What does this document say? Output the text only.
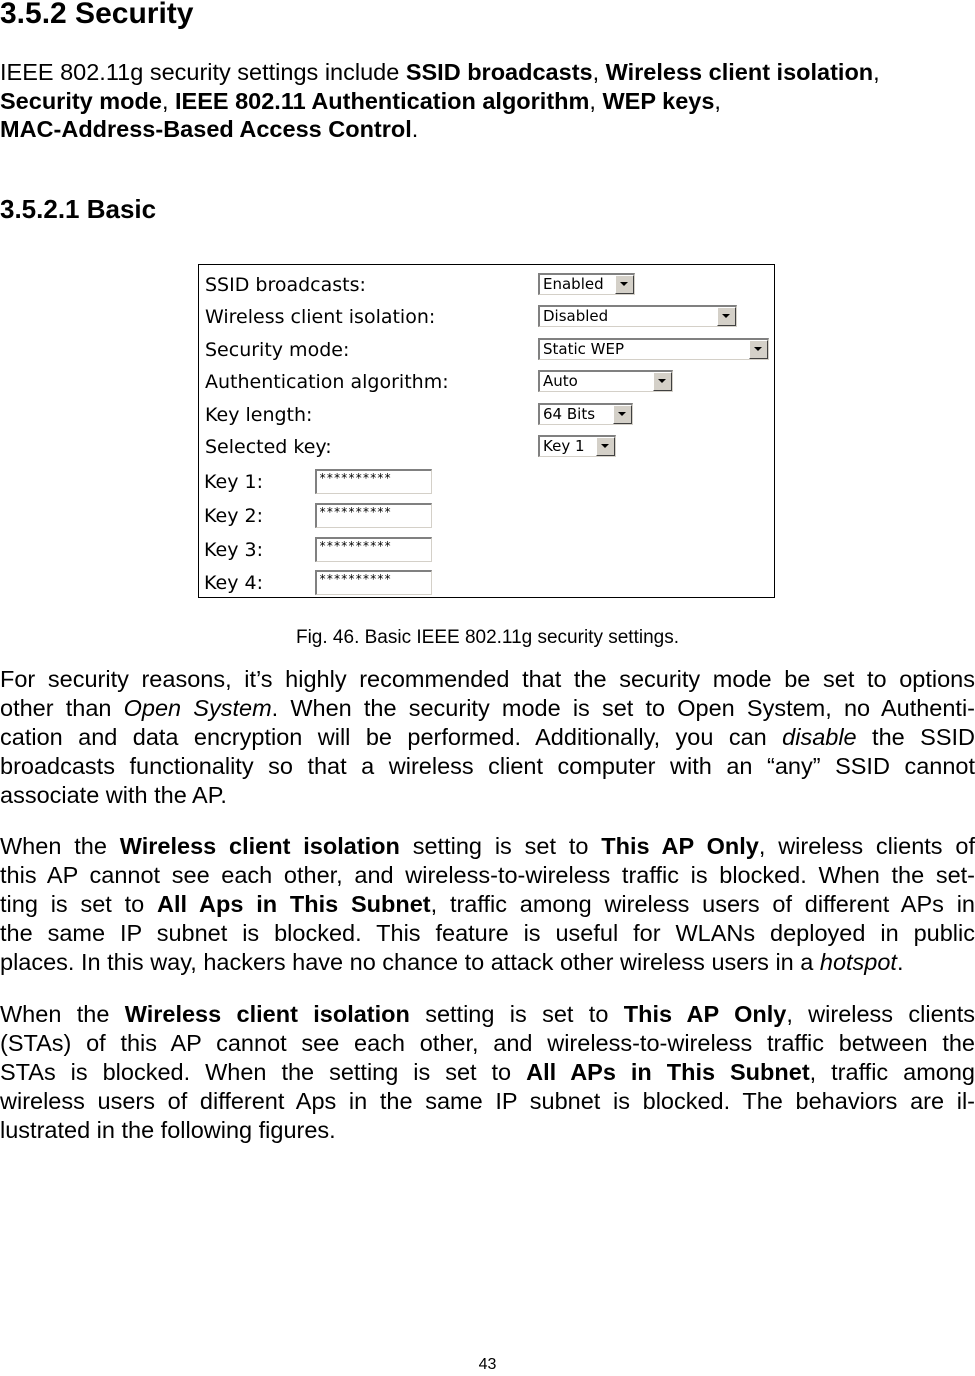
3.5.2 Security

IEEE 802.11g security settings include SSID broadcasts, Wireless client isolation,
Security mode, IEEE 802.11 Authentication algorithm, WEP keys,
MAC-Address-Based Access Control.

3.5.2.1 Basic
SSID broadcasts:	Enabled
Wireless client isolation:	Disabled
Security mode:	Static WEP
Authentication algorithm:	Auto
Key length:	64 Bits
Selected key:	Key 1
Key 1:	**********
Key 2:	**********
Key 3:	**********
Key 4:	**********

Fig. 46. Basic IEEE 802.11g security settings.

For security reasons, it’s highly recommended that the security mode be set to options
other than Open System. When the security mode is set to Open System, no Authenti-
cation and data encryption will be performed. Additionally, you can disable the SSID
broadcasts functionality so that a wireless client computer with an “any” SSID cannot
associate with the AP.
When the Wireless client isolation setting is set to This AP Only, wireless clients of
this AP cannot see each other, and wireless-to-wireless traffic is blocked. When the set-
ting is set to All Aps in This Subnet, traffic among wireless users of different APs in
the same IP subnet is blocked. This feature is useful for WLANs deployed in public
places. In this way, hackers have no chance to attack other wireless users in a hotspot.
When the Wireless client isolation setting is set to This AP Only, wireless clients
(STAs) of this AP cannot see each other, and wireless-to-wireless traffic between the
STAs is blocked. When the setting is set to All APs in This Subnet, traffic among
wireless users of different Aps in the same IP subnet is blocked. The behaviors are il-
lustrated in the following figures.
43
